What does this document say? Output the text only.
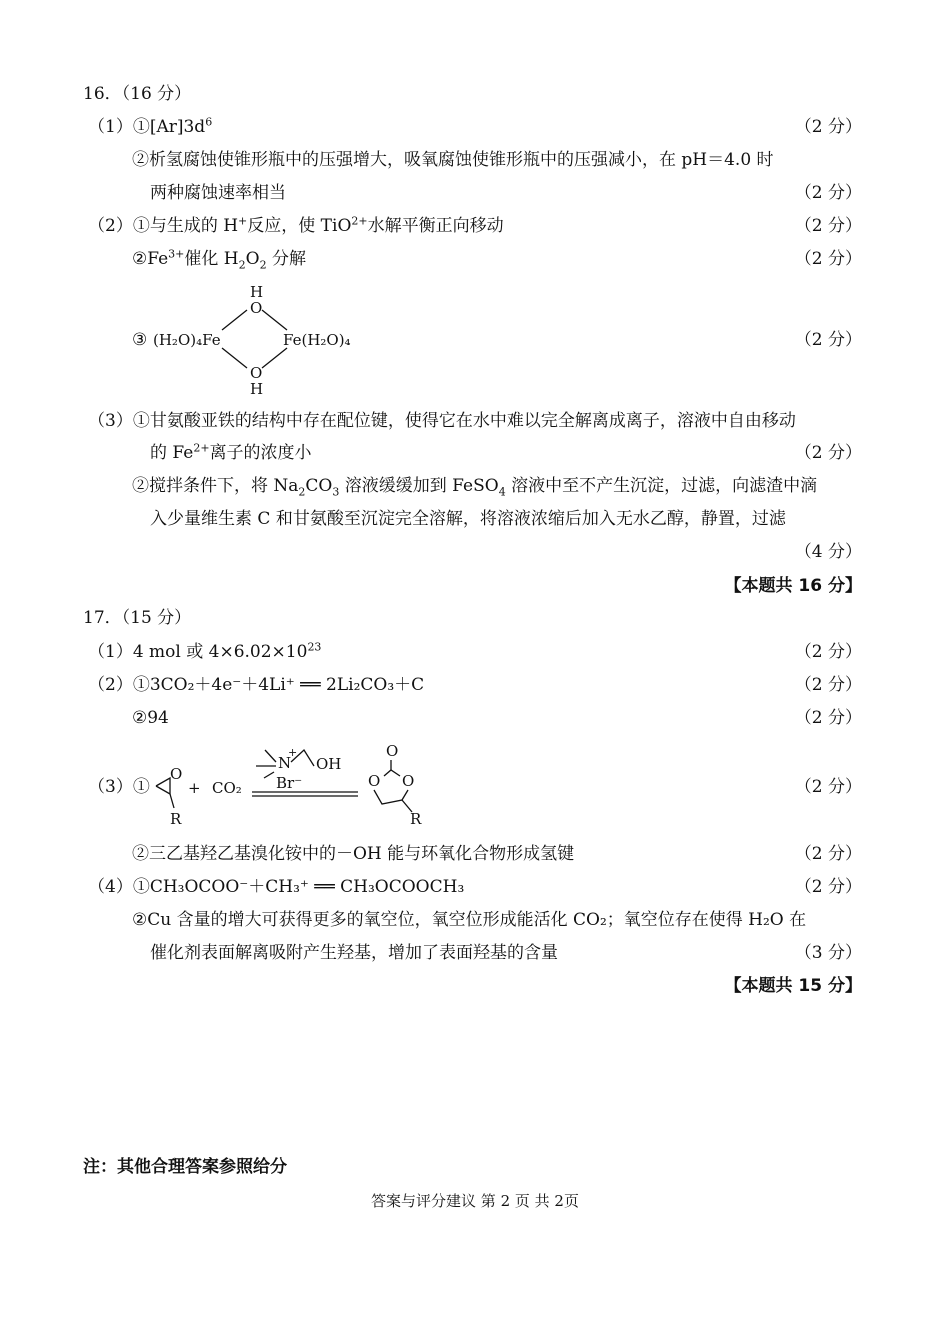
16．（16 分）
$(1)①[Ar]3d^6$	（2 分）
②析氢腐蚀使锥形瓶中的压强增大，吸氧腐蚀使锥形瓶中的压强减小，在 pH＝4.0 时
两种腐蚀速率相当	（2 分）
（2）①与生成的 H+反应，使 TiO$^{2+}$水解平衡正向移动	（2 分）
$②Fe^{3+}$催化 $H_2O_2$ 分解	（2 分）
③
H
O
(H₂O)₄Fe	Fe(H₂O)₄
O
H
（2 分）
（3）①甘氨酸亚铁的结构中存在配位键，使得它在水中难以完全解离成离子，溶液中自由移动
的 $Fe^{2+}$离子的浓度小	（2 分）
②搅拌条件下，将 $Na_2CO_3$ 溶液缓缓加到 FeSO$_4$ 溶液中至不产生沉淀，过滤，向滤渣中滴
入少量维生素 C 和甘氨酸至沉淀完全溶解，将溶液浓缩后加入无水乙醇，静置，过滤
（4 分）
【本题共 16 分】
17．（15 分）
（1）4 mol 或 $4\times 6.02\times 10^{23}$	（2 分）
（2）①3CO₂＋4e⁻＋4Li⁺ ══ 2Li₂CO₃＋C	（2 分）
②94	（2 分）
（3）①
O
R
+ CO₂
N
+
OH
Br⁻
O
O O
R
（2 分）
②三乙基羟乙基溴化铵中的－OH 能与环氧化合物形成氢键	（2 分）
（4）①CH₃OCOO⁻＋CH₃⁺ ══ CH₃OCOOCH₃	（2 分）
②Cu 含量的增大可获得更多的氧空位，氧空位形成能活化 CO₂；氧空位存在使得 H₂O 在
催化剂表面解离吸附产生羟基，增加了表面羟基的含量	（3 分）
【本题共 15 分】
注：其他合理答案参照给分
答案与评分建议 第 2 页 共 2页
